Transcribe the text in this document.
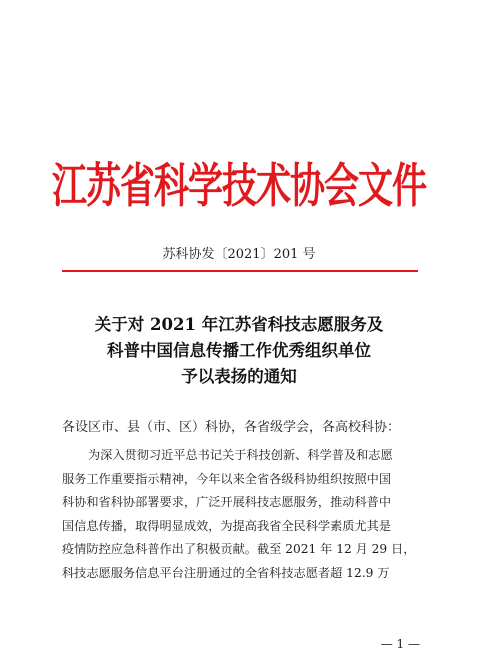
江苏省科学技术协会文件
苏科协发〔2021〕201 号
关于对 2021 年江苏省科技志愿服务及
科普中国信息传播工作优秀组织单位
予以表扬的通知
各设区市、县（市、区）科协，各省级学会，各高校科协：
为深入贯彻习近平总书记关于科技创新、科学普及和志愿
服务工作重要指示精神，今年以来全省各级科协组织按照中国
科协和省科协部署要求，广泛开展科技志愿服务，推动科普中
国信息传播，取得明显成效，为提高我省全民科学素质尤其是
疫情防控应急科普作出了积极贡献。截至 2021 年 12 月 29 日，
科技志愿服务信息平台注册通过的全省科技志愿者超 12.9 万
— 1 —
